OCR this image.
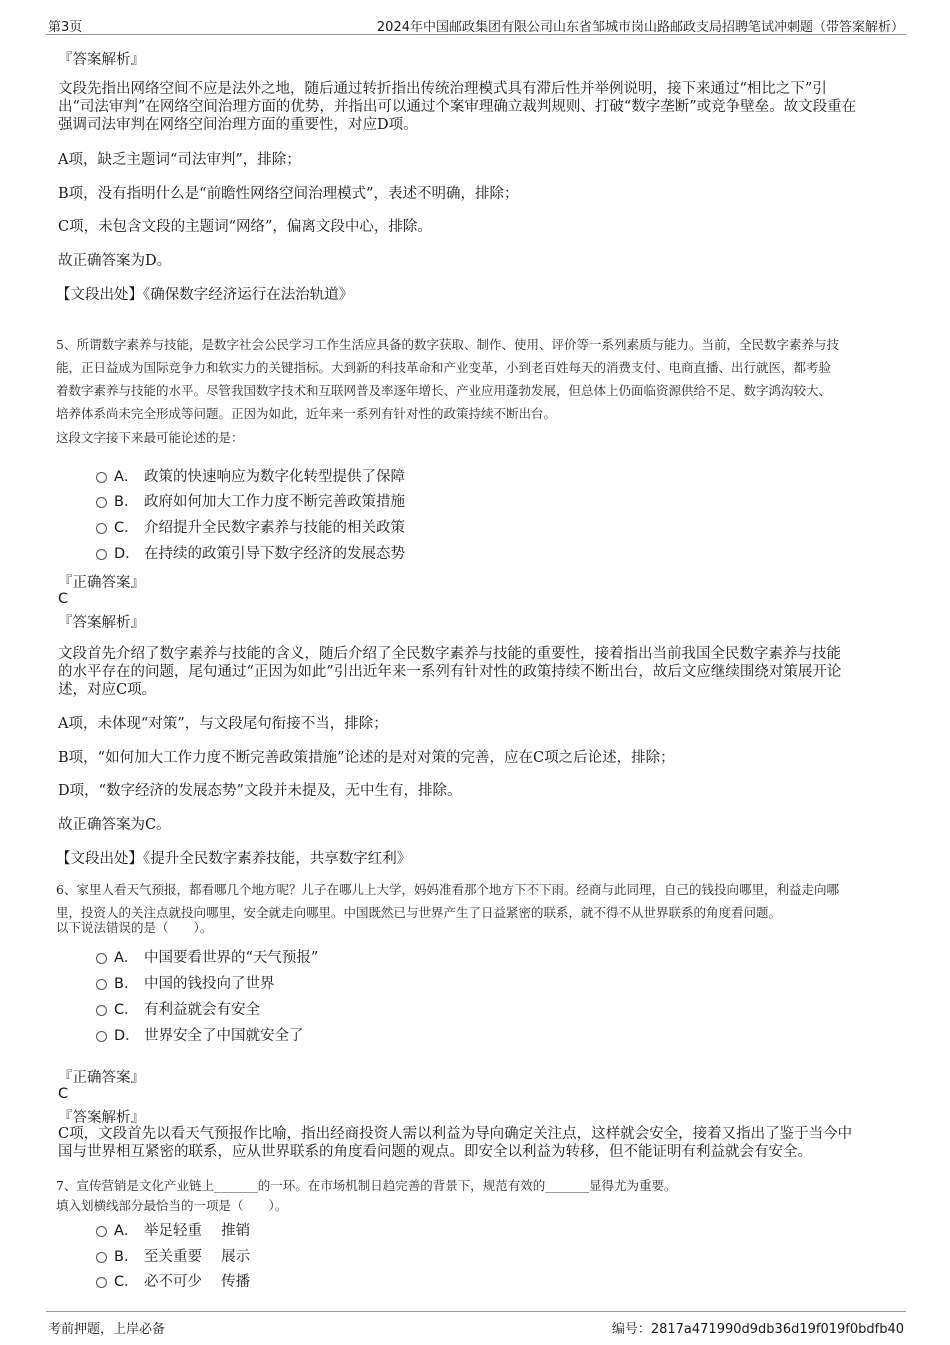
第3页	2024年中国邮政集团有限公司山东省邹城市岗山路邮政支局招聘笔试冲刺题（带答案解析）
『答案解析』
文段先指出网络空间不应是法外之地，随后通过转折指出传统治理模式具有滞后性并举例说明，接下来通过“相比之下”引
出“司法审判”在网络空间治理方面的优势，并指出可以通过个案审理确立裁判规则、打破“数字垄断”或竞争壁垒。故文段重在
强调司法审判在网络空间治理方面的重要性，对应D项。
A项，缺乏主题词“司法审判”，排除；
B项，没有指明什么是“前瞻性网络空间治理模式”，表述不明确，排除；
C项，未包含文段的主题词“网络”，偏离文段中心，排除。
故正确答案为D。
【文段出处】《确保数字经济运行在法治轨道》
5、所谓数字素养与技能，是数字社会公民学习工作生活应具备的数字获取、制作、使用、评价等一系列素质与能力。当前，全民数字素养与技
能，正日益成为国际竞争力和软实力的关键指标。大到新的科技革命和产业变革，小到老百姓每天的消费支付、电商直播、出行就医，都考验
着数字素养与技能的水平。尽管我国数字技术和互联网普及率逐年增长、产业应用蓬勃发展，但总体上仍面临资源供给不足、数字鸿沟较大、
培养体系尚未完全形成等问题。正因为如此，近年来一系列有针对性的政策持续不断出台。
这段文字接下来最可能论述的是：
A． 政策的快速响应为数字化转型提供了保障
B． 政府如何加大工作力度不断完善政策措施
C． 介绍提升全民数字素养与技能的相关政策
D． 在持续的政策引导下数字经济的发展态势
『正确答案』
C
『答案解析』
文段首先介绍了数字素养与技能的含义，随后介绍了全民数字素养与技能的重要性，接着指出当前我国全民数字素养与技能
的水平存在的问题，尾句通过“正因为如此”引出近年来一系列有针对性的政策持续不断出台，故后文应继续围绕对策展开论
述，对应C项。
A项，未体现“对策”，与文段尾句衔接不当，排除；
B项，“如何加大工作力度不断完善政策措施”论述的是对对策的完善，应在C项之后论述，排除；
D项，“数字经济的发展态势”文段并未提及，无中生有，排除。
故正确答案为C。
【文段出处】《提升全民数字素养技能，共享数字红利》
6、家里人看天气预报，都看哪几个地方呢？儿子在哪儿上大学，妈妈准看那个地方下不下雨。经商与此同理，自己的钱投向哪里，利益走向哪
里，投资人的关注点就投向哪里，安全就走向哪里。中国既然已与世界产生了日益紧密的联系，就不得不从世界联系的角度看问题。
以下说法错误的是（　　）。
A． 中国要看世界的“天气预报”
B． 中国的钱投向了世界
C． 有利益就会有安全
D． 世界安全了中国就安全了
『正确答案』
C
『答案解析』
C项，文段首先以看天气预报作比喻，指出经商投资人需以利益为导向确定关注点，这样就会安全，接着又指出了鉴于当今中
国与世界相互紧密的联系，应从世界联系的角度看问题的观点。即安全以利益为转移，但不能证明有利益就会有安全。
7、宣传营销是文化产业链上_______的一环。在市场机制日趋完善的背景下，规范有效的_______显得尤为重要。
填入划横线部分最恰当的一项是（　　）。
A． 举足轻重　 推销
B． 至关重要　 展示
C． 必不可少　 传播
考前押题，上岸必备	编号：2817a471990d9db36d19f019f0bdfb40
